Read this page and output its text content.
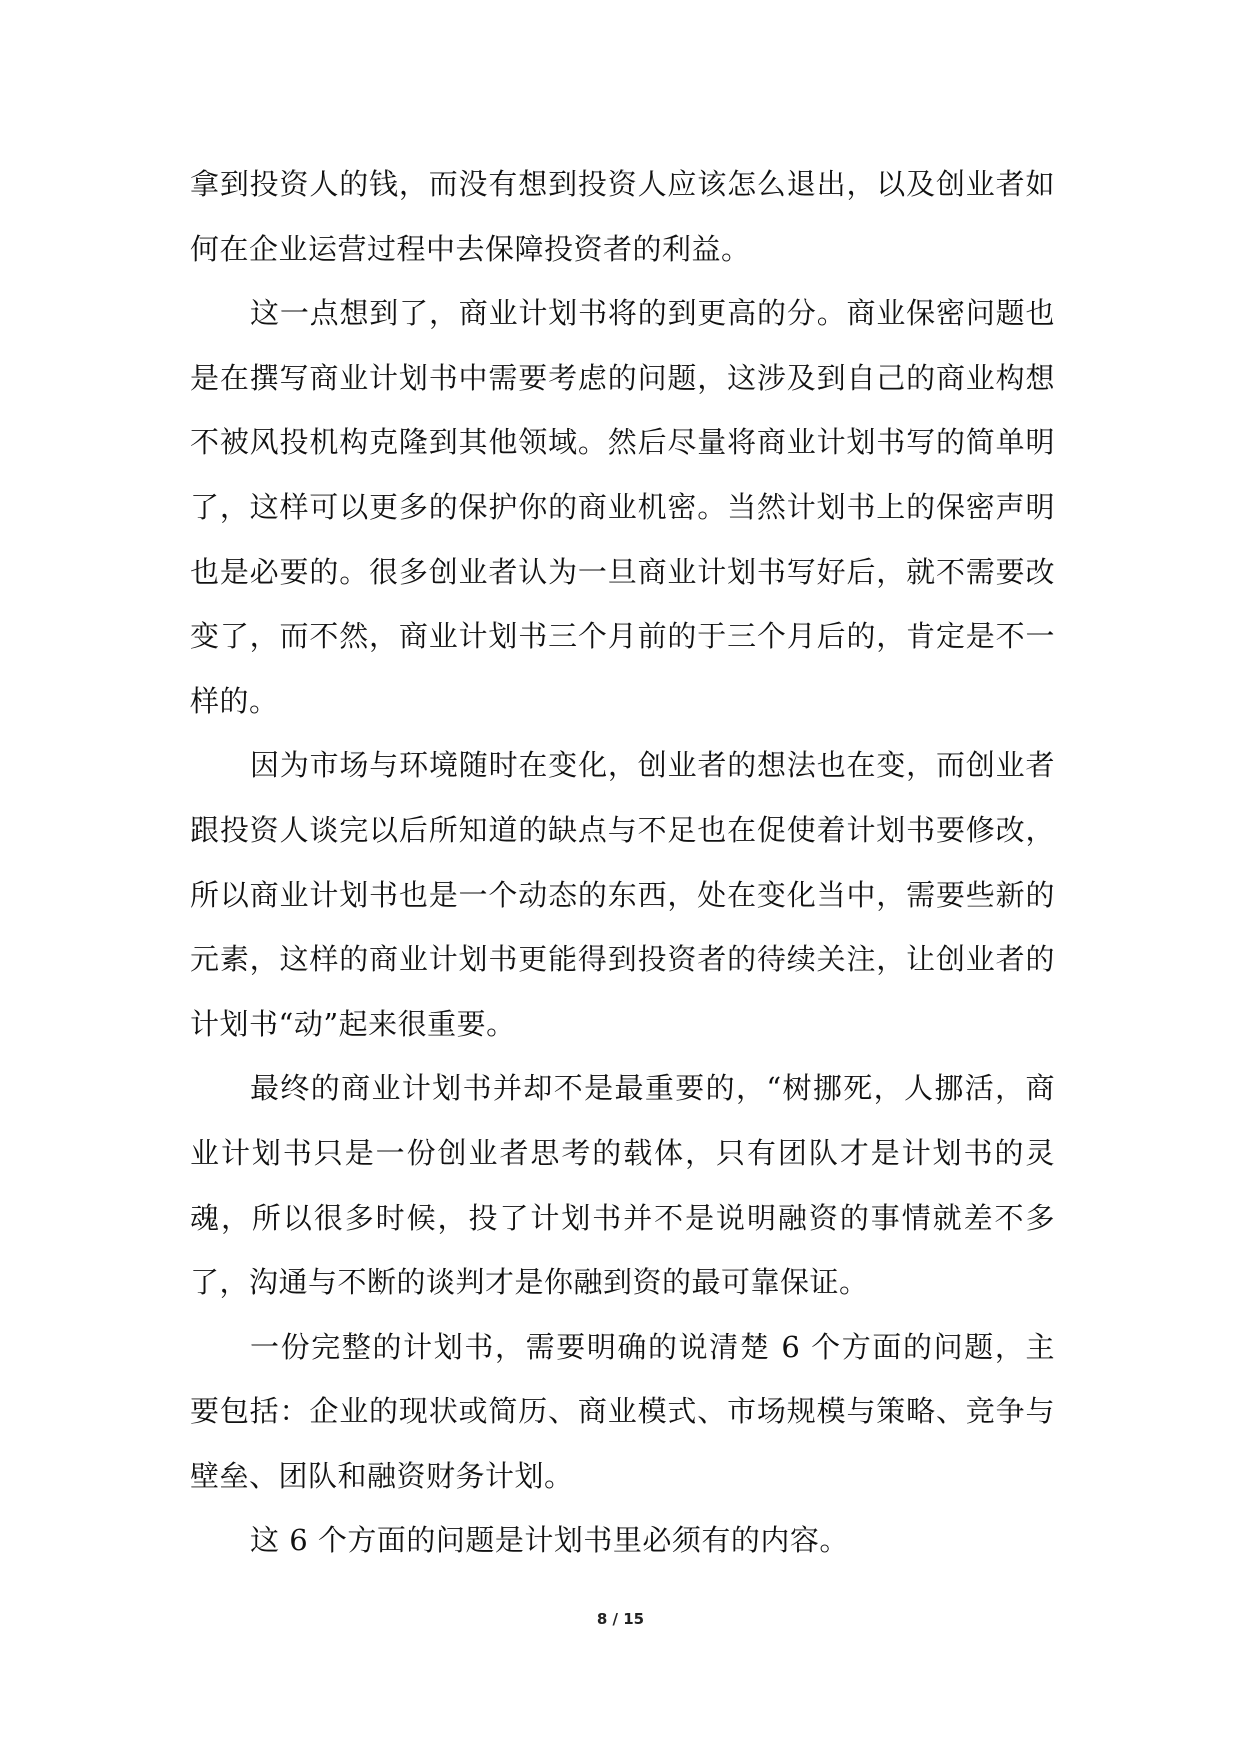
拿到投资人的钱，而没有想到投资人应该怎么退出，以及创业者如何在企业运营过程中去保障投资者的利益。

这一点想到了，商业计划书将的到更高的分。商业保密问题也是在撰写商业计划书中需要考虑的问题，这涉及到自己的商业构想不被风投机构克隆到其他领域。然后尽量将商业计划书写的简单明了，这样可以更多的保护你的商业机密。当然计划书上的保密声明也是必要的。很多创业者认为一旦商业计划书写好后，就不需要改变了，而不然，商业计划书三个月前的于三个月后的，肯定是不一样的。

因为市场与环境随时在变化，创业者的想法也在变，而创业者跟投资人谈完以后所知道的缺点与不足也在促使着计划书要修改，所以商业计划书也是一个动态的东西，处在变化当中，需要些新的元素，这样的商业计划书更能得到投资者的待续关注，让创业者的计划书“动”起来很重要。

最终的商业计划书并却不是最重要的，“树挪死，人挪活，商业计划书只是一份创业者思考的载体，只有团队才是计划书的灵魂，所以很多时候，投了计划书并不是说明融资的事情就差不多了，沟通与不断的谈判才是你融到资的最可靠保证。

一份完整的计划书，需要明确的说清楚 6 个方面的问题，主要包括：企业的现状或简历、商业模式、市场规模与策略、竞争与壁垒、团队和融资财务计划。

这 6 个方面的问题是计划书里必须有的内容。

8 / 15
